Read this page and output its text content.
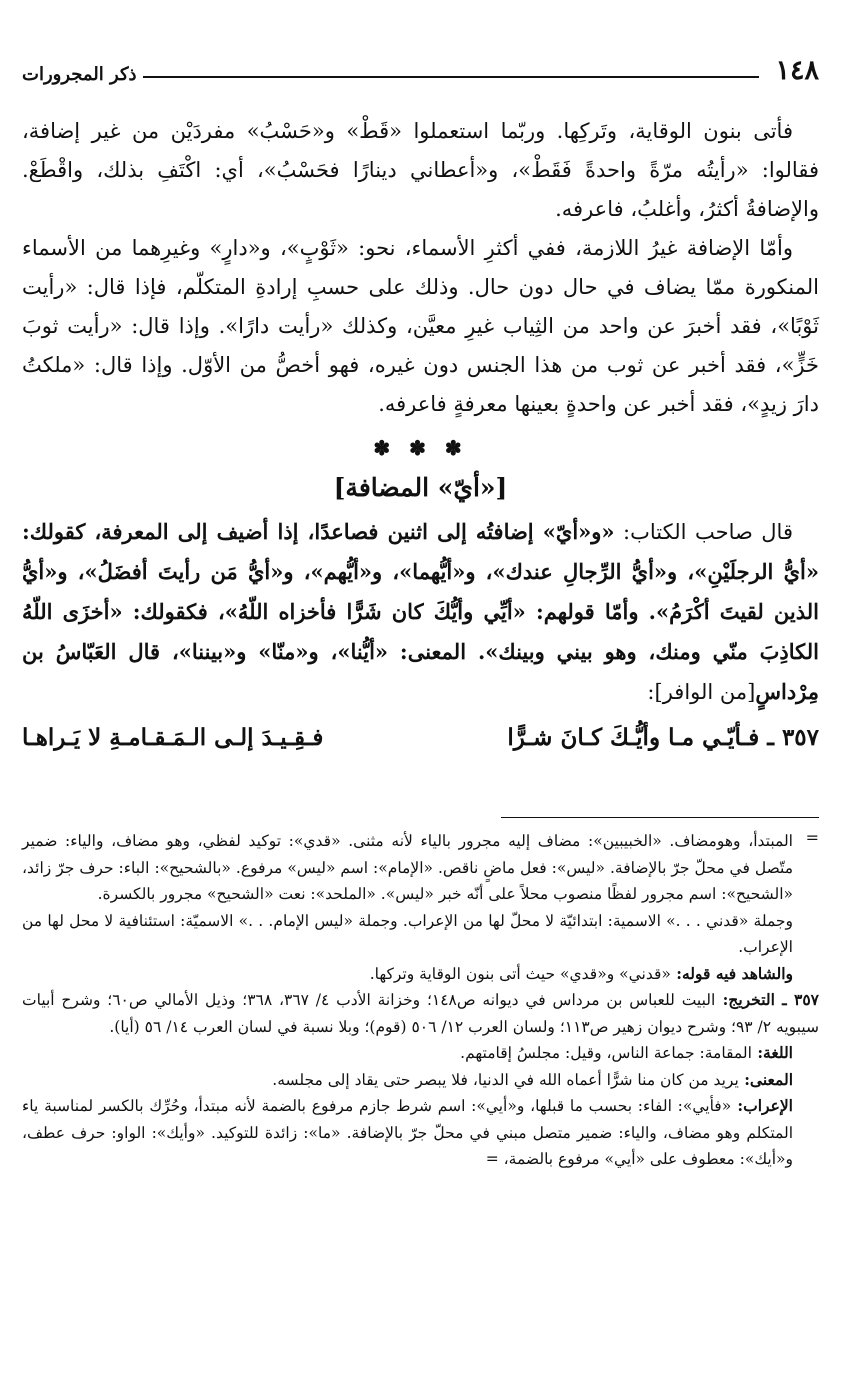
١٤٨
ذكر المجرورات

فأتى بنون الوقاية، وتَركِها. وربّما استعملوا «قَطْ» و«حَسْبُ» مفردَيْن من غير إضافة، فقالوا: «رأيتُه مرّةً واحدةً فَقَطْ»، و«أعطاني دينارًا فحَسْبُ»، أي: اكْتَفِ بذلك، واقْطَعْ. والإضافةُ أكثرُ، وأغلبُ، فاعرفه.

وأمّا الإضافة غيرُ اللازمة، ففي أكثرِ الأسماء، نحو: «ثَوْبٍ»، و«دارٍ» وغيرِهما من الأسماء المنكورة ممّا يضاف في حال دون حال. وذلك على حسبِ إرادةِ المتكلّم، فإذا قال: «رأيت ثَوْبًا»، فقد أخبرَ عن واحد من الثِياب غيرِ معيَّن، وكذلك «رأيت دارًا». وإذا قال: «رأيت ثوبَ خَزٍّ»، فقد أخبر عن ثوب من هذا الجنس دون غيره، فهو أخصُّ من الأوّل. وإذا قال: «ملكتُ دارَ زيدٍ»، فقد أخبر عن واحدةٍ بعينها معرفةٍ فاعرفه.

✽ ✽ ✽
[«أيّ» المضافة]

قال صاحب الكتاب: «و«أيّ» إضافتُه إلى اثنين فصاعدًا، إذا أضيف إلى المعرفة، كقولك: «أيُّ الرجلَيْنِ»، و«أيُّ الرِّجالِ عندك»، و«أيُّهما»، و«أيُّهم»، و«أيُّ مَن رأيتَ أفضَلُ»، و«أيُّ الذين لقيتَ أكْرَمُ». وأمّا قولهم: «أيِّي وأيُّكَ كان شَرًّا فأخزاه اللّهُ»، فكقولك: «أخزَى اللّهُ الكاذِبَ منّي ومنك، وهو بيني وبينك». المعنى: «أيُّنا»، و«منّا» و«بيننا»، قال العَبّاسُ بن مِرْداسٍ[من الوافر]:

٣٥٧ ـ
فـأيّـي مـا وأيُّـكَ كـانَ شـرًّا
فـقِـيـدَ إلـى الـمَـقـامـةِ لا يَـراهـا
=

المبتدأ، وهومضاف. «الخبيبين»: مضاف إليه مجرور بالياء لأنه مثنى. «قدي»: توكيد لفظي، وهو مضاف، والياء: ضمير متّصل في محلّ جرّ بالإضافة. «ليس»: فعل ماضٍ ناقص. «الإمام»: اسم «ليس» مرفوع. «بالشحيح»: الباء: حرف جرّ زائد، «الشحيح»: اسم مجرور لفظًا منصوب محلاً على أنّه خبر «ليس». «الملحد»: نعت «الشحيح» مجرور بالكسرة.

وجملة «قدني . . .» الاسمية: ابتدائيّة لا محلّ لها من الإعراب. وجملة «ليس الإمام. . .» الاسميّة: استئنافية لا محل لها من الإعراب.

والشاهد فيه قوله: «قدني» و«قدي» حيث أتى بنون الوقاية وتركها.

٣٥٧ ـ التخريج: البيت للعباس بن مرداس في ديوانه ص١٤٨؛ وخزانة الأدب ٤/ ٣٦٧، ٣٦٨؛ وذيل الأمالي ص٦٠؛ وشرح أبيات سيبويه ٢/ ٩٣؛ وشرح ديوان زهير ص١١٣؛ ولسان العرب ١٢/ ٥٠٦ (قوم)؛ وبلا نسبة في لسان العرب ١٤/ ٥٦ (أيا).

اللغة: المقامة: جماعة الناس، وقيل: مجلسُ إقامتهم.

المعنى: يريد من كان منا شرًّا أعماه الله في الدنيا، فلا يبصر حتى يقاد إلى مجلسه.

الإعراب: «فأيي»: الفاء: بحسب ما قبلها، و«أيي»: اسم شرط جازم مرفوع بالضمة لأنه مبتدأ، وحُرِّك بالكسر لمناسبة ياء المتكلم وهو مضاف، والياء: ضمير متصل مبني في محلّ جرّ بالإضافة. «ما»: زائدة للتوكيد. «وأيك»: الواو: حرف عطف، و«أيك»: معطوف على «أيي» مرفوع بالضمة، =
